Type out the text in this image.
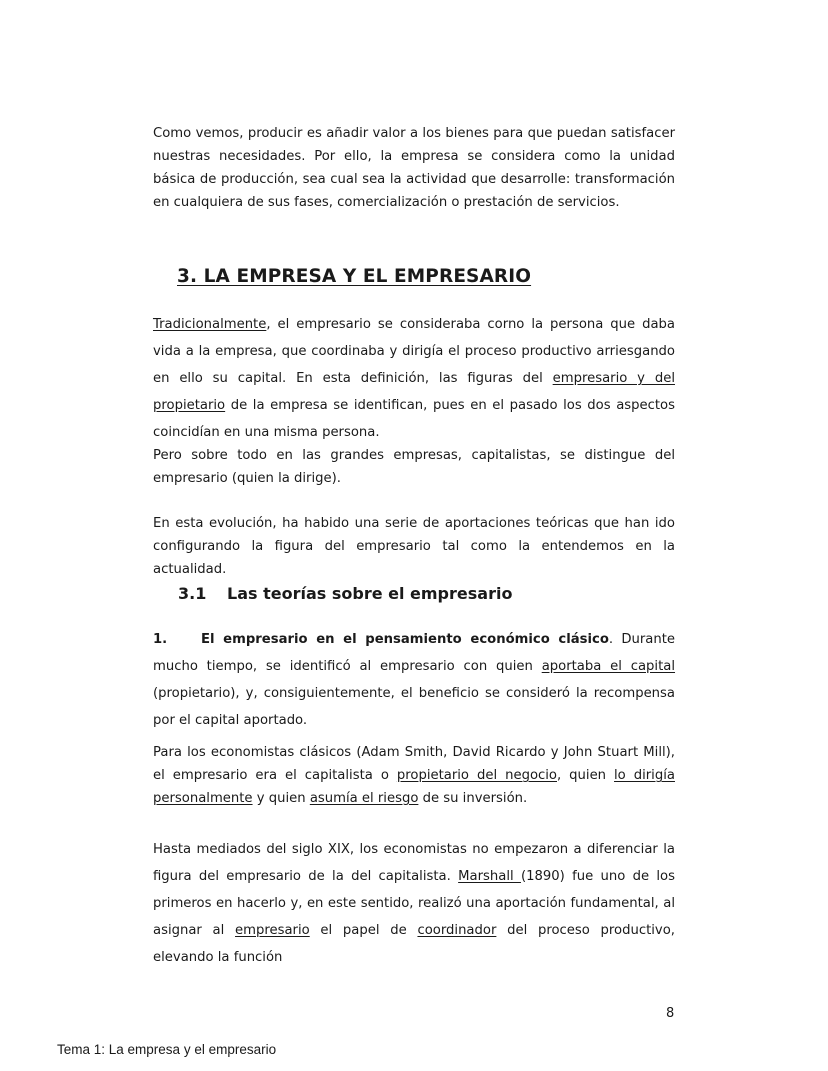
Como vemos, producir es añadir valor a los bienes para que puedan satisfacer nuestras necesidades. Por ello, la empresa se considera como la unidad básica de producción, sea cual sea la actividad que desarrolle: transformación en cualquiera de sus fases, comercialización o prestación de servicios.

3. LA EMPRESA Y EL EMPRESARIO

Tradicionalmente, el empresario se consideraba corno la persona que daba vida a la empresa, que coordinaba y dirigía el proceso productivo arriesgando en ello su capital. En esta definición, las figuras del empresario y del propietario de la empresa se identifican, pues en el pasado los dos aspectos coincidían en una misma persona.

Pero sobre todo en las grandes empresas, capitalistas, se distingue del empresario (quien la dirige).

En esta evolución, ha habido una serie de aportaciones teóricas que han ido configurando la figura del empresario tal como la entendemos en la actualidad.

3.1 Las teorías sobre el empresario

1.	El empresario en el pensamiento económico clásico. Durante mucho tiempo, se identificó al empresario con quien aportaba el capital (propietario), y, consiguientemente, el beneficio se consideró la recompensa por el capital aportado.

Para los economistas clásicos (Adam Smith, David Ricardo y John Stuart Mill), el empresario era el capitalista o propietario del negocio, quien lo dirigía personalmente y quien asumía el riesgo de su inversión.

Hasta mediados del siglo XIX, los economistas no empezaron a diferenciar la figura del empresario de la del capitalista. Marshall (1890) fue uno de los primeros en hacerlo y, en este sentido, realizó una aportación fundamental, al asignar al empresario el papel de coordinador del proceso productivo, elevando la función

8
Tema 1: La empresa y el empresario
